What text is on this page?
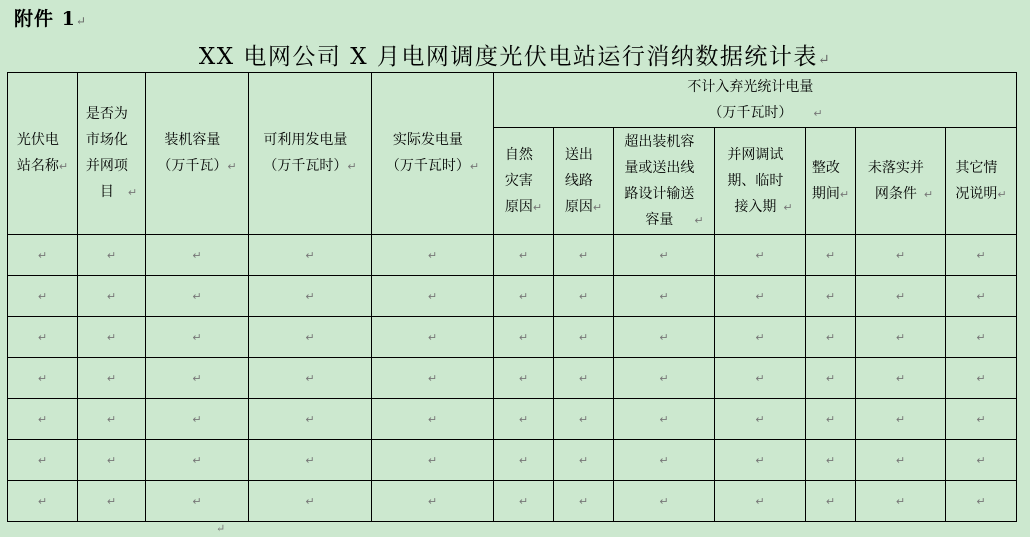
附件 1↵
XX 电网公司 X 月电网调度光伏电站运行消纳数据统计表↵
光伏电
站名称↵	是否为
市场化
并网项
目 ↵	装机容量
（万千瓦）↵	可利用发电量
（万千瓦时）↵	实际发电量
（万千瓦时）↵	不计入弃光统计电量
（万千瓦时） ↵						
					自然
灾害
原因↵	送出
线路
原因↵	超出装机容
量或送出线
路设计输送
容量 ↵	并网调试
期、临时
接入期 ↵	整改
期间↵	未落实并
网条件 ↵	其它情
况说明↵
↵	↵	↵	↵	↵	↵	↵	↵	↵	↵	↵	↵
↵	↵	↵	↵	↵	↵	↵	↵	↵	↵	↵	↵
↵	↵	↵	↵	↵	↵	↵	↵	↵	↵	↵	↵
↵	↵	↵	↵	↵	↵	↵	↵	↵	↵	↵	↵
↵	↵	↵	↵	↵	↵	↵	↵	↵	↵	↵	↵
↵	↵	↵	↵	↵	↵	↵	↵	↵	↵	↵	↵
↵	↵	↵	↵	↵	↵	↵	↵	↵	↵	↵	↵
↵
